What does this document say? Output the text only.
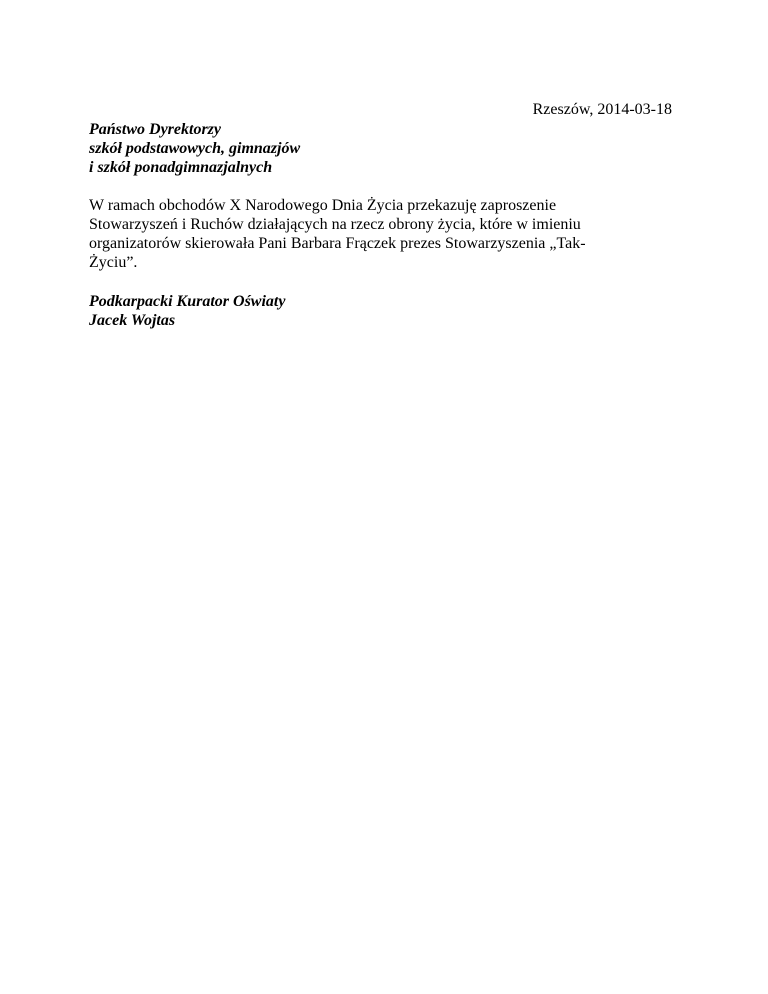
Rzeszów, 2014-03-18
Państwo Dyrektorzy
szkół podstawowych, gimnazjów
i szkół ponadgimnazjalnych
W ramach obchodów X Narodowego Dnia Życia przekazuję zaproszenie
Stowarzyszeń i Ruchów działających na rzecz obrony życia, które w imieniu
organizatorów skierowała Pani Barbara Frączek prezes Stowarzyszenia „Tak-
Życiu”.
Podkarpacki Kurator Oświaty
Jacek Wojtas
